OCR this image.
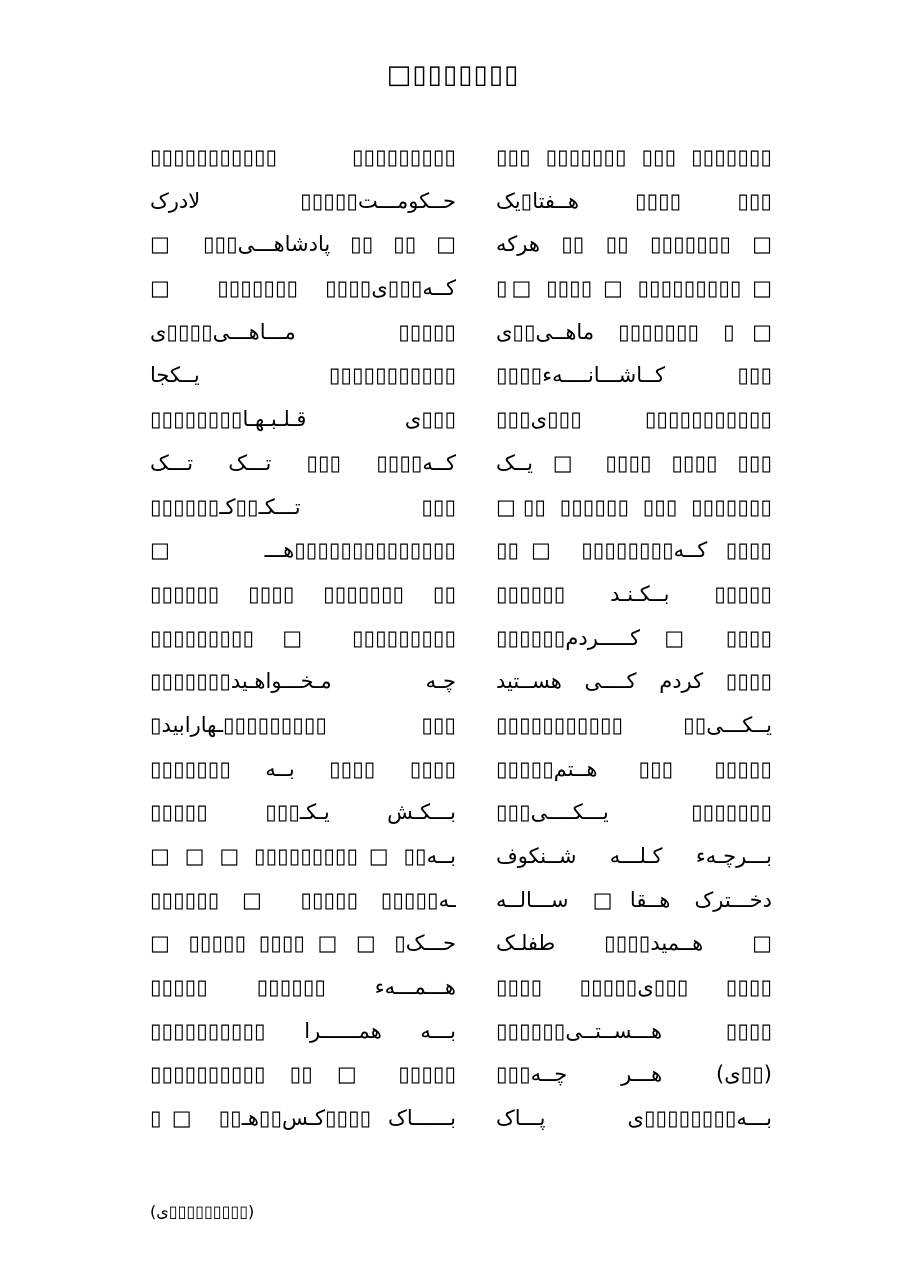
□▯▯▯▯▯▯▯
▯▯▯▯▯▯▯ ▯▯▯ ▯▯▯▯▯▯▯ ▯▯▯
▯▯▯ ▯▯▯▯ هــفتا▯یک
□ ▯▯▯▯▯▯▯ ▯▯ ▯▯ هرکه
□ ▯▯▯▯▯▯▯▯▯ □ ▯▯▯▯ □▯
□▯ ▯▯▯▯▯▯▯ ماهــی▯▯ی
▯▯▯ کــاشـــانــــهء▯▯▯▯
▯▯▯▯▯▯▯▯▯▯▯ ▯▯▯ی▯▯▯
▯▯▯ ▯▯▯▯ ▯▯▯▯ □ یــک
▯▯▯▯▯▯▯ ▯▯▯ ▯▯▯▯▯▯ ▯▯□
▯▯▯▯ کــه▯▯▯▯▯▯▯▯ □▯▯
▯▯▯▯▯ بــکـنـد ▯▯▯▯▯▯
▯▯▯▯ □ کـــــردم▯▯▯▯▯▯
▯▯▯▯ کردم کــــی هســتید
یــکـــی▯▯ ▯▯▯▯▯▯▯▯▯▯▯
▯▯▯▯▯ ▯▯▯ هــتم▯▯▯▯▯
▯▯▯▯▯▯▯ یـــکــــی▯▯▯
بـــرچـهء کـلـــه شــنکوف
دخـــترک هــقا□ ســـالــه
□ هــمید▯▯▯▯ طفلـک
▯▯▯▯ ▯▯▯ی▯▯▯▯▯ ▯▯▯▯
▯▯▯▯ هـــســتــی▯▯▯▯▯▯
(▯▯ی) هـــر چــه▯▯▯
بـــه▯▯▯▯▯▯▯▯ی پـــاک
▯▯▯▯▯▯▯▯▯ ▯▯▯▯▯▯▯▯▯▯▯
حــکومـــت▯▯▯▯▯ لادرک
□ ▯▯ ▯▯ پادشاهـــی▯▯▯ □
کــه▯▯▯ی▯▯▯▯ ▯▯▯▯▯▯▯ □
▯▯▯▯▯ مـــاهـــی▯▯▯▯ی
▯▯▯▯▯▯▯▯▯▯▯ یــکجا
▯▯▯ی قـلـبـهـا▯▯▯▯▯▯▯▯
کــه▯▯▯▯ ▯▯▯ تـــک تـــک
▯▯▯ تـــکـ▯▯کـ▯▯▯▯▯▯
▯▯▯▯▯▯▯▯▯▯▯▯▯▯هـــ□
▯▯ ▯▯▯▯▯▯▯ ▯▯▯▯ ▯▯▯▯▯▯
▯▯▯▯▯▯▯▯▯ □ ▯▯▯▯▯▯▯▯▯
چـه مـخـــواهـید▯▯▯▯▯▯▯
▯▯▯ ▯▯▯▯▯▯▯▯▯ـهارابید▯
▯▯▯▯ ▯▯▯▯ بــه ▯▯▯▯▯▯▯
بـــکـش یـکـ▯▯▯ ▯▯▯▯▯
بــه▯▯ □ ▯▯▯▯▯▯▯▯▯ □ □ □
ـه▯▯▯▯▯ ▯▯▯▯▯ □ ▯▯▯▯▯▯
حـــک▯ □ □ ▯▯▯▯ ▯▯▯▯▯ □
هـــمـــهء ▯▯▯▯▯▯ ▯▯▯▯▯
بـــه همــــــرا ▯▯▯▯▯▯▯▯▯▯
▯▯▯▯▯ □ ▯▯ ▯▯▯▯▯▯▯▯▯▯
بــــــاک ▯▯▯▯کـس▯▯هـ▯▯ □▯
(▯▯▯▯▯▯▯▯▯ی)
